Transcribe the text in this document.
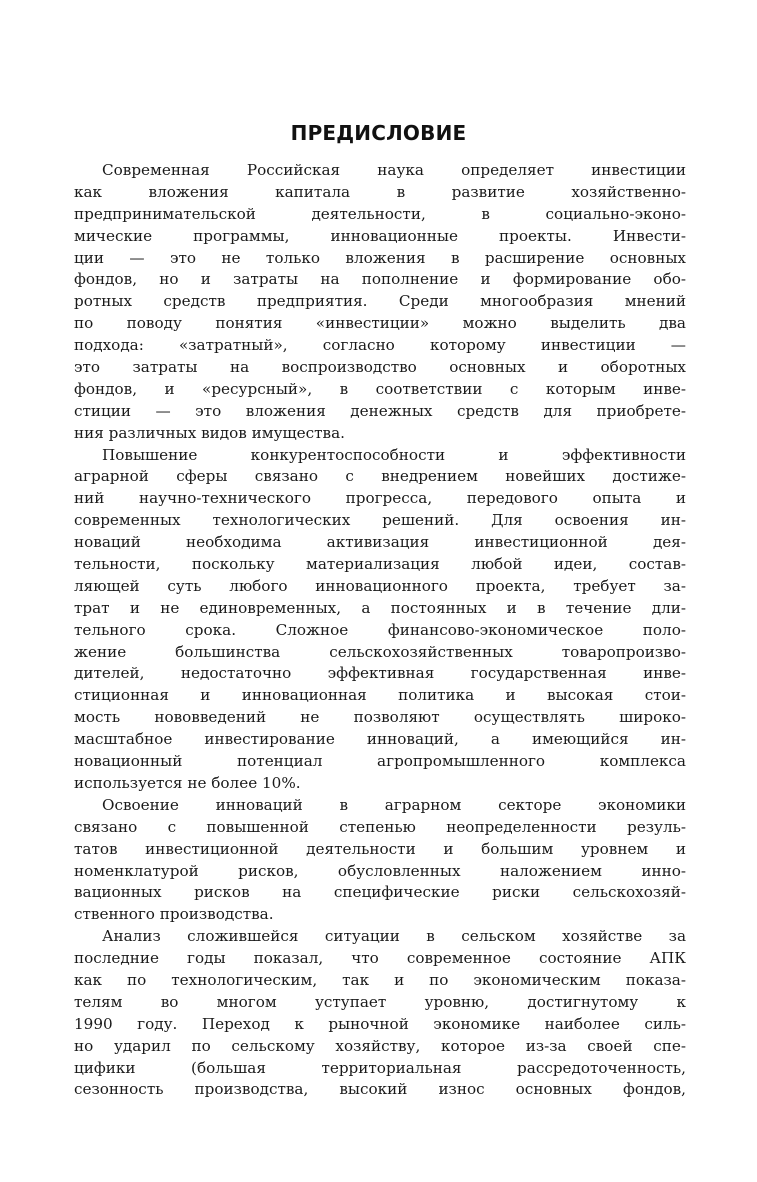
ПРЕДИСЛОВИЕ
Современная Российская наука определяет инвестиции
как вложения капитала в развитие хозяйственно-
предпринимательской деятельности, в социально-эконо-
мические программы, инновационные проекты. Инвести-
ции — это не только вложения в расширение основных
фондов, но и затраты на пополнение и формирование обо-
ротных средств предприятия. Среди многообразия мнений
по поводу понятия «инвестиции» можно выделить два
подхода: «затратный», согласно которому инвестиции —
это затраты на воспроизводство основных и оборотных
фондов, и «ресурсный», в соответствии с которым инве-
стиции — это вложения денежных средств для приобрете-
ния различных видов имущества.
Повышение конкурентоспособности и эффективности
аграрной сферы связано с внедрением новейших достиже-
ний научно-технического прогресса, передового опыта и
современных технологических решений. Для освоения ин-
новаций необходима активизация инвестиционной дея-
тельности, поскольку материализация любой идеи, состав-
ляющей суть любого инновационного проекта, требует за-
трат и не единовременных, а постоянных и в течение дли-
тельного срока. Сложное финансово-экономическое поло-
жение большинства сельскохозяйственных товаропроизво-
дителей, недостаточно эффективная государственная инве-
стиционная и инновационная политика и высокая стои-
мость нововведений не позволяют осуществлять широко-
масштабное инвестирование инноваций, а имеющийся ин-
новационный потенциал агропромышленного комплекса
используется не более 10%.
Освоение инноваций в аграрном секторе экономики
связано с повышенной степенью неопределенности резуль-
татов инвестиционной деятельности и большим уровнем и
номенклатурой рисков, обусловленных наложением инно-
вационных рисков на специфические риски сельскохозяй-
ственного производства.
Анализ сложившейся ситуации в сельском хозяйстве за
последние годы показал, что современное состояние АПК
как по технологическим, так и по экономическим показа-
телям во многом уступает уровню, достигнутому к
1990 году. Переход к рыночной экономике наиболее силь-
но ударил по сельскому хозяйству, которое из-за своей спе-
цифики (большая территориальная рассредоточенность,
сезонность производства, высокий износ основных фондов,
